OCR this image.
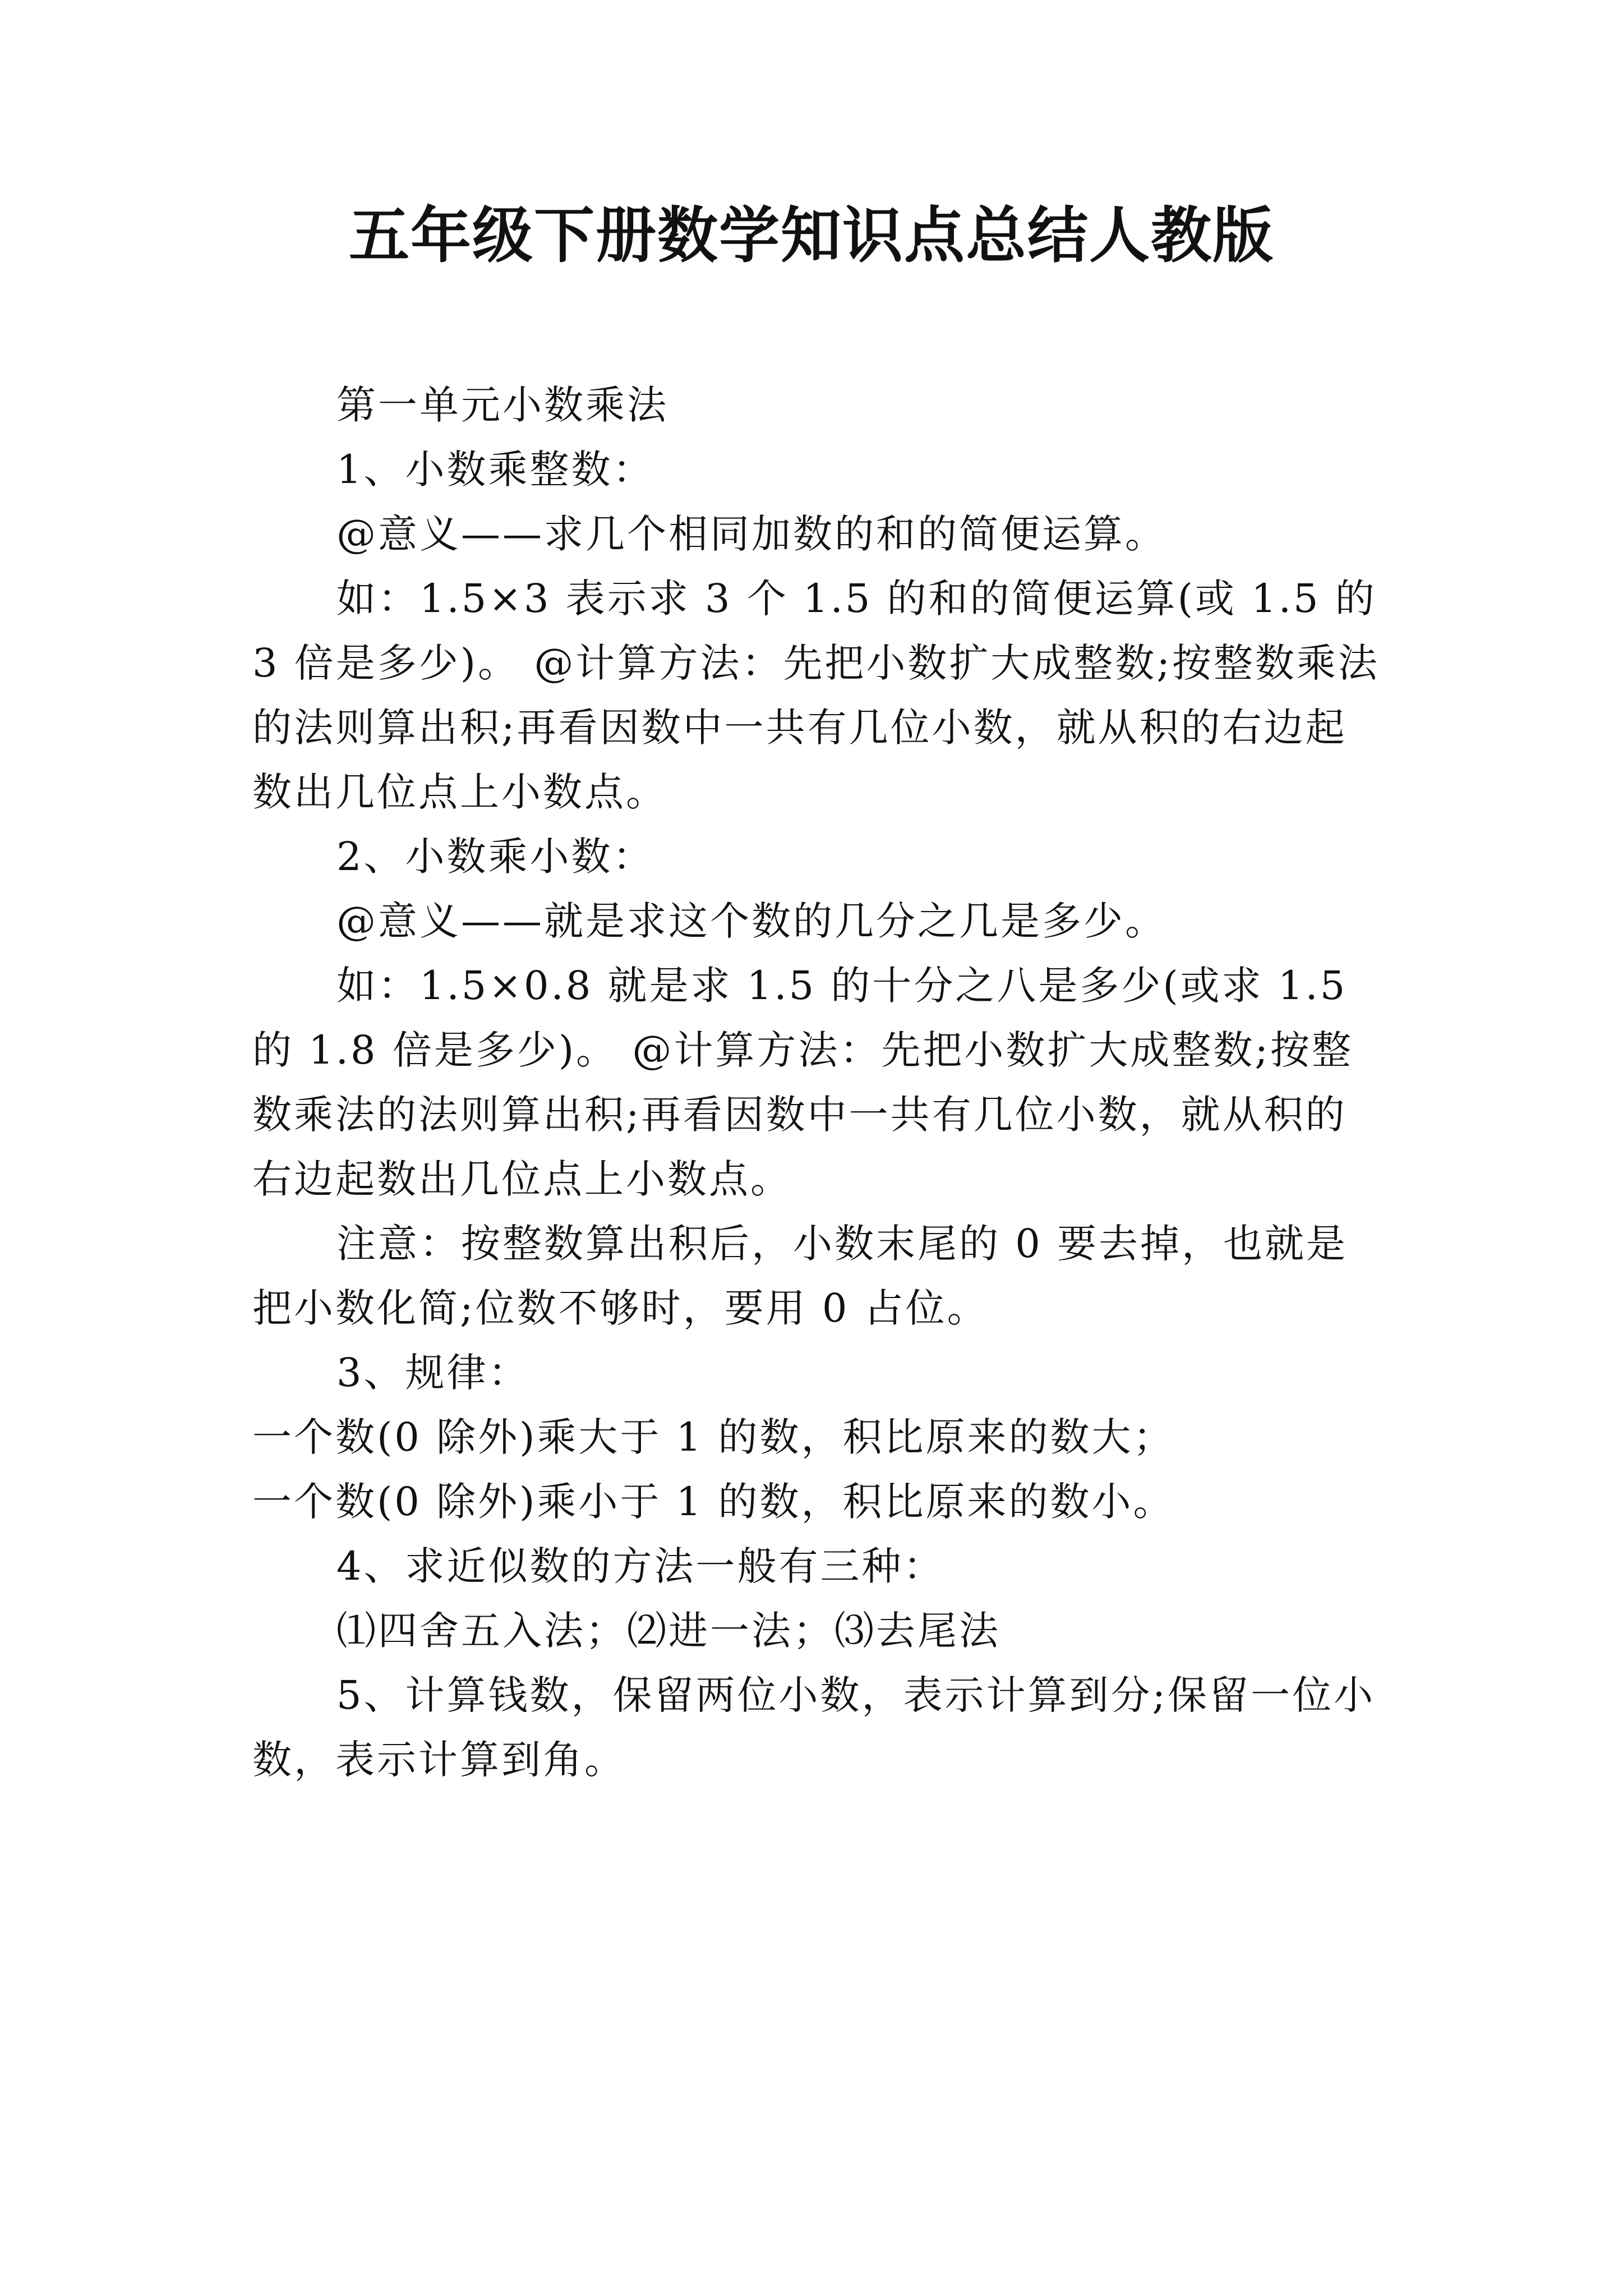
五年级下册数学知识点总结人教版

第一单元小数乘法

1、小数乘整数：

@意义——求几个相同加数的和的简便运算。

如：1.5×3 表示求 3 个 1.5 的和的简便运算(或 1.5 的 3 倍是多少)。 @计算方法：先把小数扩大成整数;按整数乘法的法则算出积;再看因数中一共有几位小数，就从积的右边起数出几位点上小数点。

2、小数乘小数：

@意义——就是求这个数的几分之几是多少。

如：1.5×0.8 就是求 1.5 的十分之八是多少(或求 1.5 的 1.8 倍是多少)。 @计算方法：先把小数扩大成整数;按整数乘法的法则算出积;再看因数中一共有几位小数，就从积的右边起数出几位点上小数点。

注意：按整数算出积后，小数末尾的 0 要去掉，也就是把小数化简;位数不够时，要用 0 占位。

3、规律：

一个数(0 除外)乘大于 1 的数，积比原来的数大；

一个数(0 除外)乘小于 1 的数，积比原来的数小。

4、求近似数的方法一般有三种：

⑴四舍五入法；⑵进一法；⑶去尾法

5、计算钱数，保留两位小数，表示计算到分;保留一位小数，表示计算到角。
